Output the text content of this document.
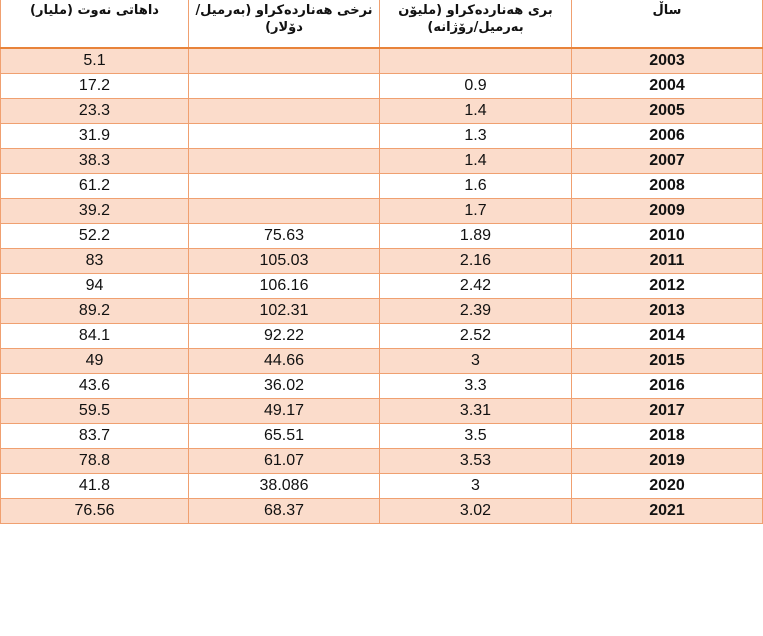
داهاتی نەوت (ملیار)	نرخی هەناردەکراو (بەرمیل/دۆلار)	بری هەناردەکراو (ملیۆن بەرمیل/رۆژانە)	ساڵ
5.1			2003
17.2		0.9	2004
23.3		1.4	2005
31.9		1.3	2006
38.3		1.4	2007
61.2		1.6	2008
39.2		1.7	2009
52.2	75.63	1.89	2010
83	105.03	2.16	2011
94	106.16	2.42	2012
89.2	102.31	2.39	2013
84.1	92.22	2.52	2014
49	44.66	3	2015
43.6	36.02	3.3	2016
59.5	49.17	3.31	2017
83.7	65.51	3.5	2018
78.8	61.07	3.53	2019
41.8	38.086	3	2020
76.56	68.37	3.02	2021
